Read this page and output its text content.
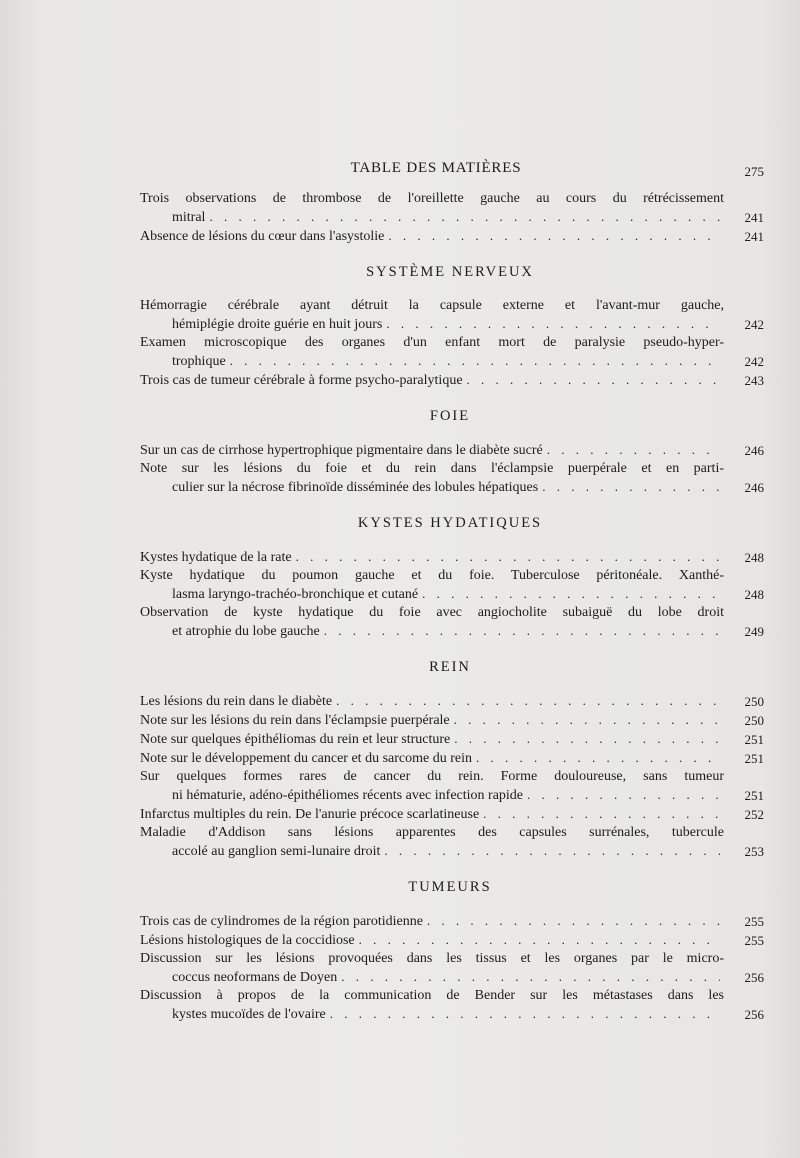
TABLE DES MATIÈRES	275
Trois observations de thrombose de l'oreillette gauche au cours du rétrécissement
mitral . . .	241
Absence de lésions du cœur dans l'asystolie . . .	241
SYSTÈME NERVEUX
Hémorragie cérébrale ayant détruit la capsule externe et l'avant-mur gauche,
hémiplégie droite guérie en huit jours . . .	242
Examen microscopique des organes d'un enfant mort de paralysie pseudo-hyper-
trophique . . .	242
Trois cas de tumeur cérébrale à forme psycho-paralytique . . .	243
FOIE
Sur un cas de cirrhose hypertrophique pigmentaire dans le diabète sucré . . .	246
Note sur les lésions du foie et du rein dans l'éclampsie puerpérale et en parti-
culier sur la nécrose fibrinoïde disséminée des lobules hépatiques . . .	246
KYSTES HYDATIQUES
Kystes hydatique de la rate . . .	248
Kyste hydatique du poumon gauche et du foie. Tuberculose péritonéale. Xanthé-
lasma laryngo-trachéo-bronchique et cutané . . .	248
Observation de kyste hydatique du foie avec angiocholite subaiguë du lobe droit
et atrophie du lobe gauche . . .	249
REIN
Les lésions du rein dans le diabète . . .	250
Note sur les lésions du rein dans l'éclampsie puerpérale . . .	250
Note sur quelques épithéliomas du rein et leur structure . . .	251
Note sur le développement du cancer et du sarcome du rein . . .	251
Sur quelques formes rares de cancer du rein. Forme douloureuse, sans tumeur
ni hématurie, adéno-épithéliomes récents avec infection rapide . . .	251
Infarctus multiples du rein. De l'anurie précoce scarlatineuse . . .	252
Maladie d'Addison sans lésions apparentes des capsules surrénales, tubercule
accolé au ganglion semi-lunaire droit . . .	253
TUMEURS
Trois cas de cylindromes de la région parotidienne . . .	255
Lésions histologiques de la coccidiose . . .	255
Discussion sur les lésions provoquées dans les tissus et les organes par le micro-
coccus neoformans de Doyen . . .	256
Discussion à propos de la communication de Bender sur les métastases dans les
kystes mucoïdes de l'ovaire . . .	256
